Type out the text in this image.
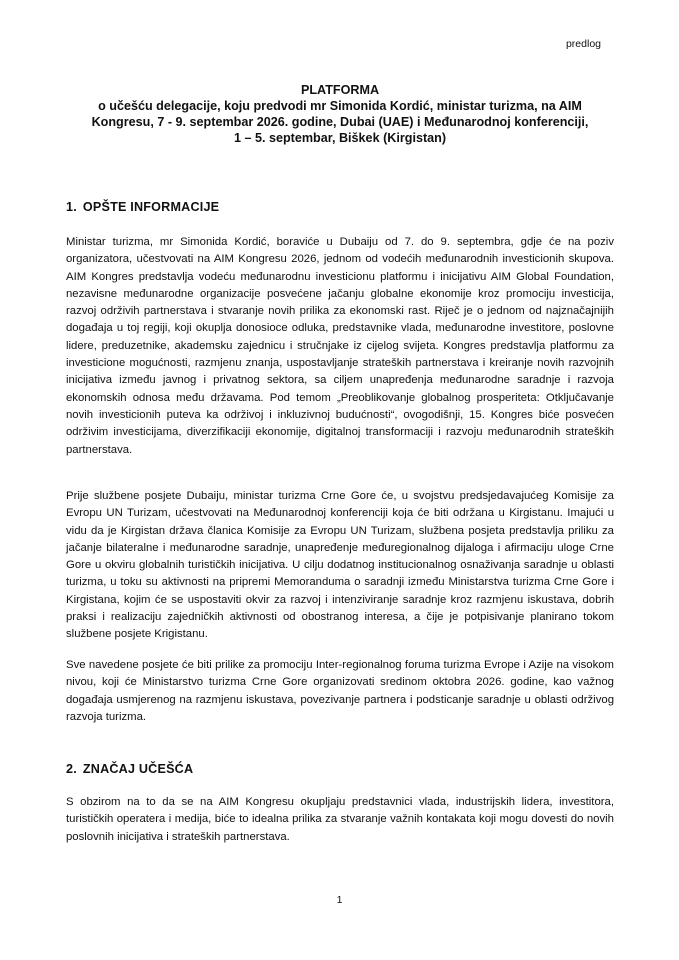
predlog
PLATFORMA
o učešću delegacije, koju predvodi mr Simonida Kordić, ministar turizma, na AIM Kongresu, 7 - 9. septembar 2026. godine, Dubai (UAE) i Međunarodnoj konferenciji, 1 – 5. septembar, Biškek (Kirgistan)
1. OPŠTE INFORMACIJE

Ministar turizma, mr Simonida Kordić, boraviće u Dubaiju od 7. do 9. septembra, gdje će na poziv organizatora, učestvovati na AIM Kongresu 2026, jednom od vodećih međunarodnih investicionih skupova. AIM Kongres predstavlja vodeću međunarodnu investicionu platformu i inicijativu AIM Global Foundation, nezavisne međunarodne organizacije posvećene jačanju globalne ekonomije kroz promociju investicija, razvoj održivih partnerstava i stvaranje novih prilika za ekonomski rast. Riječ je o jednom od najznačajnijih događaja u toj regiji, koji okuplja donosioce odluka, predstavnike vlada, međunarodne investitore, poslovne lidere, preduzetnike, akademsku zajednicu i stručnjake iz cijelog svijeta. Kongres predstavlja platformu za investicione mogućnosti, razmjenu znanja, uspostavljanje strateških partnerstava i kreiranje novih razvojnih inicijativa između javnog i privatnog sektora, sa ciljem unapređenja međunarodne saradnje i razvoja ekonomskih odnosa među državama. Pod temom „Preoblikovanje globalnog prosperiteta: Otključavanje novih investicionih puteva ka održivoj i inkluzivnoj budućnosti“, ovogodišnji, 15. Kongres biće posvećen održivim investicijama, diverzifikaciji ekonomije, digitalnoj transformaciji i razvoju međunarodnih strateških partnerstava.

Prije službene posjete Dubaiju, ministar turizma Crne Gore će, u svojstvu predsjedavajućeg Komisije za Evropu UN Turizam, učestvovati na Međunarodnoj konferenciji koja će biti održana u Kirgistanu. Imajući u vidu da je Kirgistan država članica Komisije za Evropu UN Turizam, službena posjeta predstavlja priliku za jačanje bilateralne i međunarodne saradnje, unapređenje međuregionalnog dijaloga i afirmaciju uloge Crne Gore u okviru globalnih turističkih inicijativa. U cilju dodatnog institucionalnog osnaživanja saradnje u oblasti turizma, u toku su aktivnosti na pripremi Memoranduma o saradnji između Ministarstva turizma Crne Gore i Kirgistana, kojim će se uspostaviti okvir za razvoj i intenziviranje saradnje kroz razmjenu iskustava, dobrih praksi i realizaciju zajedničkih aktivnosti od obostranog interesa, a čije je potpisivanje planirano tokom službene posjete Krigistanu.

Sve navedene posjete će biti prilike za promociju Inter-regionalnog foruma turizma Evrope i Azije na visokom nivou, koji će Ministarstvo turizma Crne Gore organizovati sredinom oktobra 2026. godine, kao važnog događaja usmjerenog na razmjenu iskustava, povezivanje partnera i podsticanje saradnje u oblasti održivog razvoja turizma.

2. ZNAČAJ UČEŠĆA

S obzirom na to da se na AIM Kongresu okupljaju predstavnici vlada, industrijskih lidera, investitora, turističkih operatera i medija, biće to idealna prilika za stvaranje važnih kontakata koji mogu dovesti do novih poslovnih inicijativa i strateških partnerstava.

1
